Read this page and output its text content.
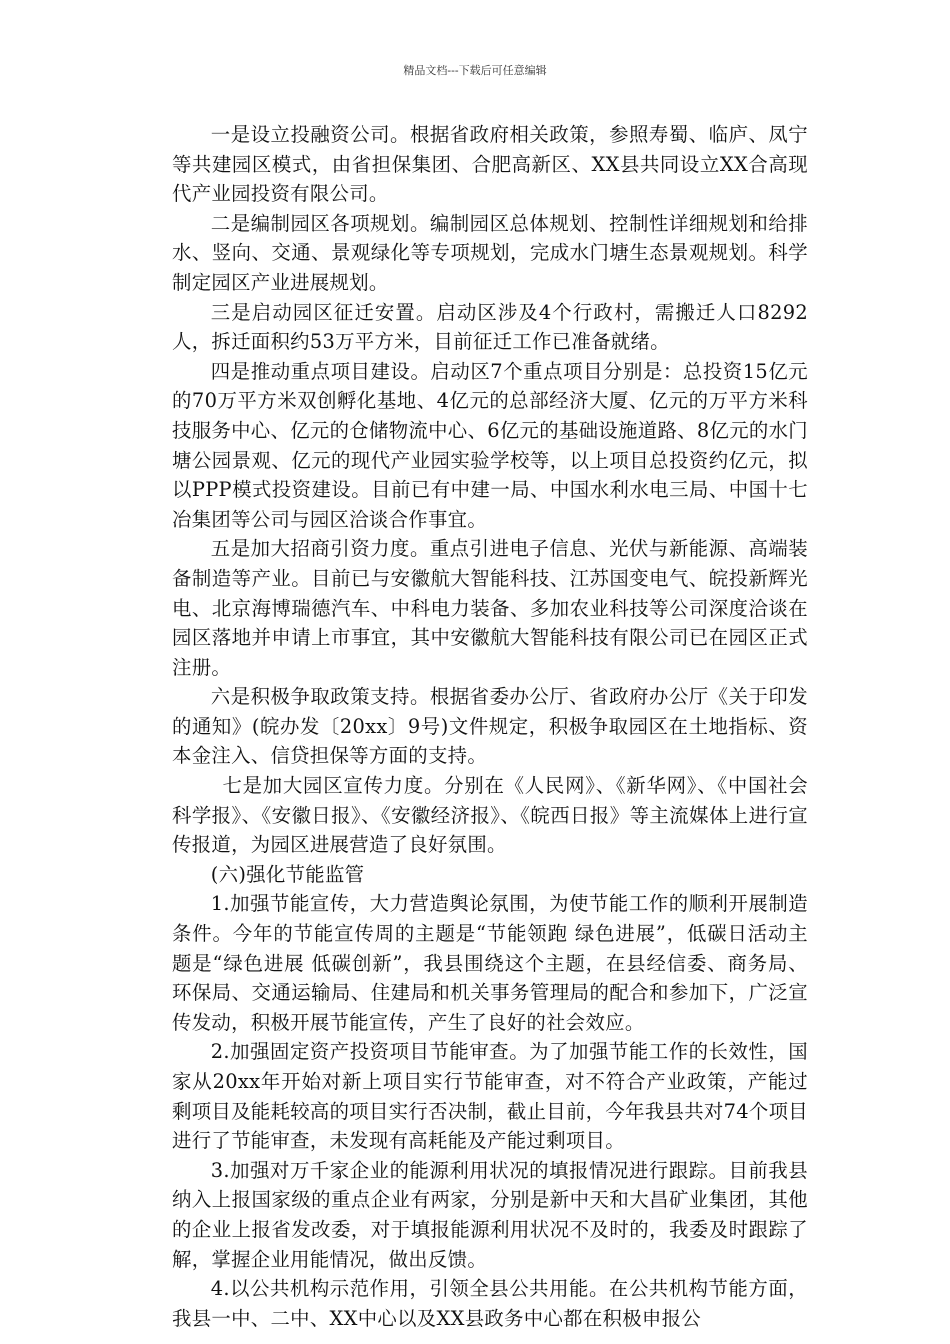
精品文档---下载后可任意编辑

一是设立投融资公司。根据省政府相关政策，参照寿蜀、临庐、凤宁等共建园区模式，由省担保集团、合肥高新区、XX县共同设立XX合高现代产业园投资有限公司。

二是编制园区各项规划。编制园区总体规划、控制性详细规划和给排水、竖向、交通、景观绿化等专项规划，完成水门塘生态景观规划。科学制定园区产业进展规划。

三是启动园区征迁安置。启动区涉及4个行政村，需搬迁人口8292人，拆迁面积约53万平方米，目前征迁工作已准备就绪。

四是推动重点项目建设。启动区7个重点项目分别是：总投资15亿元的70万平方米双创孵化基地、4亿元的总部经济大厦、亿元的万平方米科技服务中心、亿元的仓储物流中心、6亿元的基础设施道路、8亿元的水门塘公园景观、亿元的现代产业园实验学校等，以上项目总投资约亿元，拟以PPP模式投资建设。目前已有中建一局、中国水利水电三局、中国十七冶集团等公司与园区洽谈合作事宜。

五是加大招商引资力度。重点引进电子信息、光伏与新能源、高端装备制造等产业。目前已与安徽航大智能科技、江苏国变电气、皖投新辉光电、北京海博瑞德汽车、中科电力装备、多加农业科技等公司深度洽谈在园区落地并申请上市事宜，其中安徽航大智能科技有限公司已在园区正式注册。

六是积极争取政策支持。根据省委办公厅、省政府办公厅《关于印发的通知》(皖办发〔20xx〕9号)文件规定，积极争取园区在土地指标、资本金注入、信贷担保等方面的支持。

七是加大园区宣传力度。分别在《人民网》、《新华网》、《中国社会科学报》、《安徽日报》、《安徽经济报》、《皖西日报》等主流媒体上进行宣传报道，为园区进展营造了良好氛围。

(六)强化节能监管

1.加强节能宣传，大力营造舆论氛围，为使节能工作的顺利开展制造条件。今年的节能宣传周的主题是“节能领跑 绿色进展”，低碳日活动主题是“绿色进展 低碳创新”，我县围绕这个主题，在县经信委、商务局、环保局、交通运输局、住建局和机关事务管理局的配合和参加下，广泛宣传发动，积极开展节能宣传，产生了良好的社会效应。

2.加强固定资产投资项目节能审查。为了加强节能工作的长效性，国家从20xx年开始对新上项目实行节能审查，对不符合产业政策，产能过剩项目及能耗较高的项目实行否决制，截止目前，今年我县共对74个项目进行了节能审查，未发现有高耗能及产能过剩项目。

3.加强对万千家企业的能源利用状况的填报情况进行跟踪。目前我县纳入上报国家级的重点企业有两家，分别是新中天和大昌矿业集团，其他的企业上报省发改委，对于填报能源利用状况不及时的，我委及时跟踪了解，掌握企业用能情况，做出反馈。

4.以公共机构示范作用，引领全县公共用能。在公共机构节能方面，我县一中、二中、XX中心以及XX县政务中心都在积极申报公
